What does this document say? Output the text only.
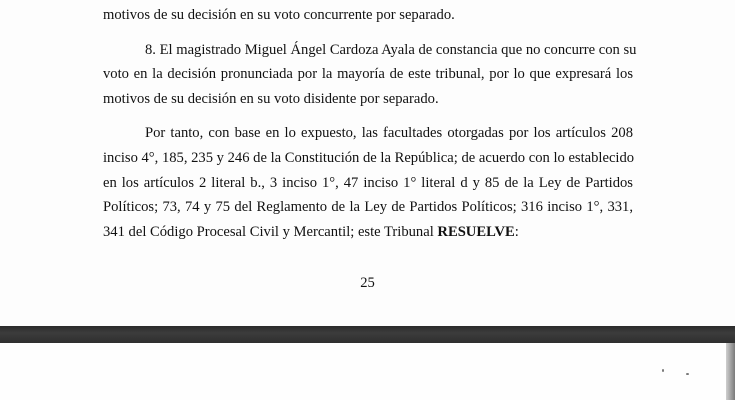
motivos de su decisión en su voto concurrente por separado.
8. El magistrado Miguel Ángel Cardoza Ayala de constancia que no concurre con su
voto en la decisión pronunciada por la mayoría de este tribunal, por lo que expresará los
motivos de su decisión en su voto disidente por separado.
Por tanto, con base en lo expuesto, las facultades otorgadas por los artículos 208
inciso 4°, 185, 235 y 246 de la Constitución de la República; de acuerdo con lo establecido
en los artículos 2 literal b., 3 inciso 1°, 47 inciso 1° literal d y 85 de la Ley de Partidos
Políticos; 73, 74 y 75 del Reglamento de la Ley de Partidos Políticos; 316 inciso 1°, 331,
341 del Código Procesal Civil y Mercantil; este Tribunal RESUELVE:
25
